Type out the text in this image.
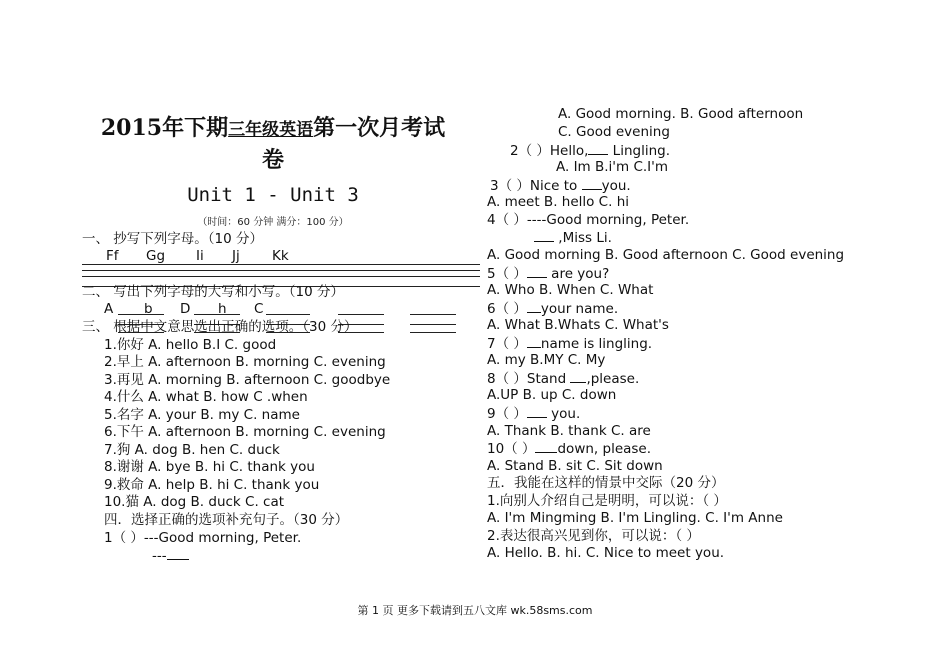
2015年下期三年级英语第一次月考试
卷
Unit 1 - Unit 3
（时间：60 分钟 满分：100 分）
一、 抄写下列字母。（10 分）
Ff Gg Ii Jj Kk
二、 写出下列字母的大写和小写。（10 分）
A b D h C
三、 根据中文意思选出正确的选项。（30 分）
1.你好 A. hello B.I C. good
2.早上 A. afternoon B. morning C. evening
3.再见 A. morning B. afternoon C. goodbye
4.什么 A. what B. how C .when
5.名字 A. your B. my C. name
6.下午 A. afternoon B. morning C. evening
7.狗 A. dog B. hen C. duck
8.谢谢 A. bye B. hi C. thank you
9.救命 A. help B. hi C. thank you
10.猫 A. dog B. duck C. cat
四．选择正确的选项补充句子。（30 分）
1（ ）---Good morning, Peter.
---
A. Good morning. B. Good afternoon
C. Good evening
2（ ）Hello, Lingling.
A. Im B.i'm C.I'm
3（ ）Nice to you.
A. meet B. hello C. hi
4（ ）----Good morning, Peter.
,Miss Li.
A. Good morning B. Good afternoon C. Good evening
5（ ） are you?
A. Who B. When C. What
6（ ） your name.
A. What B.Whats C. What's
7（ ） name is lingling.
A. my B.MY C. My
8（ ）Stand ,please.
A.UP B. up C. down
9（ ） you.
A. Thank B. thank C. are
10（ ） down, please.
A. Stand B. sit C. Sit down
五．我能在这样的情景中交际（20 分）
1.向别人介绍自己是明明，可以说：（ ）
A. I'm Mingming B. I'm Lingling. C. I'm Anne
2.表达很高兴见到你，可以说：（ ）
A. Hello. B. hi. C. Nice to meet you.
第 1 页 更多下载请到五八文库 wk.58sms.com
